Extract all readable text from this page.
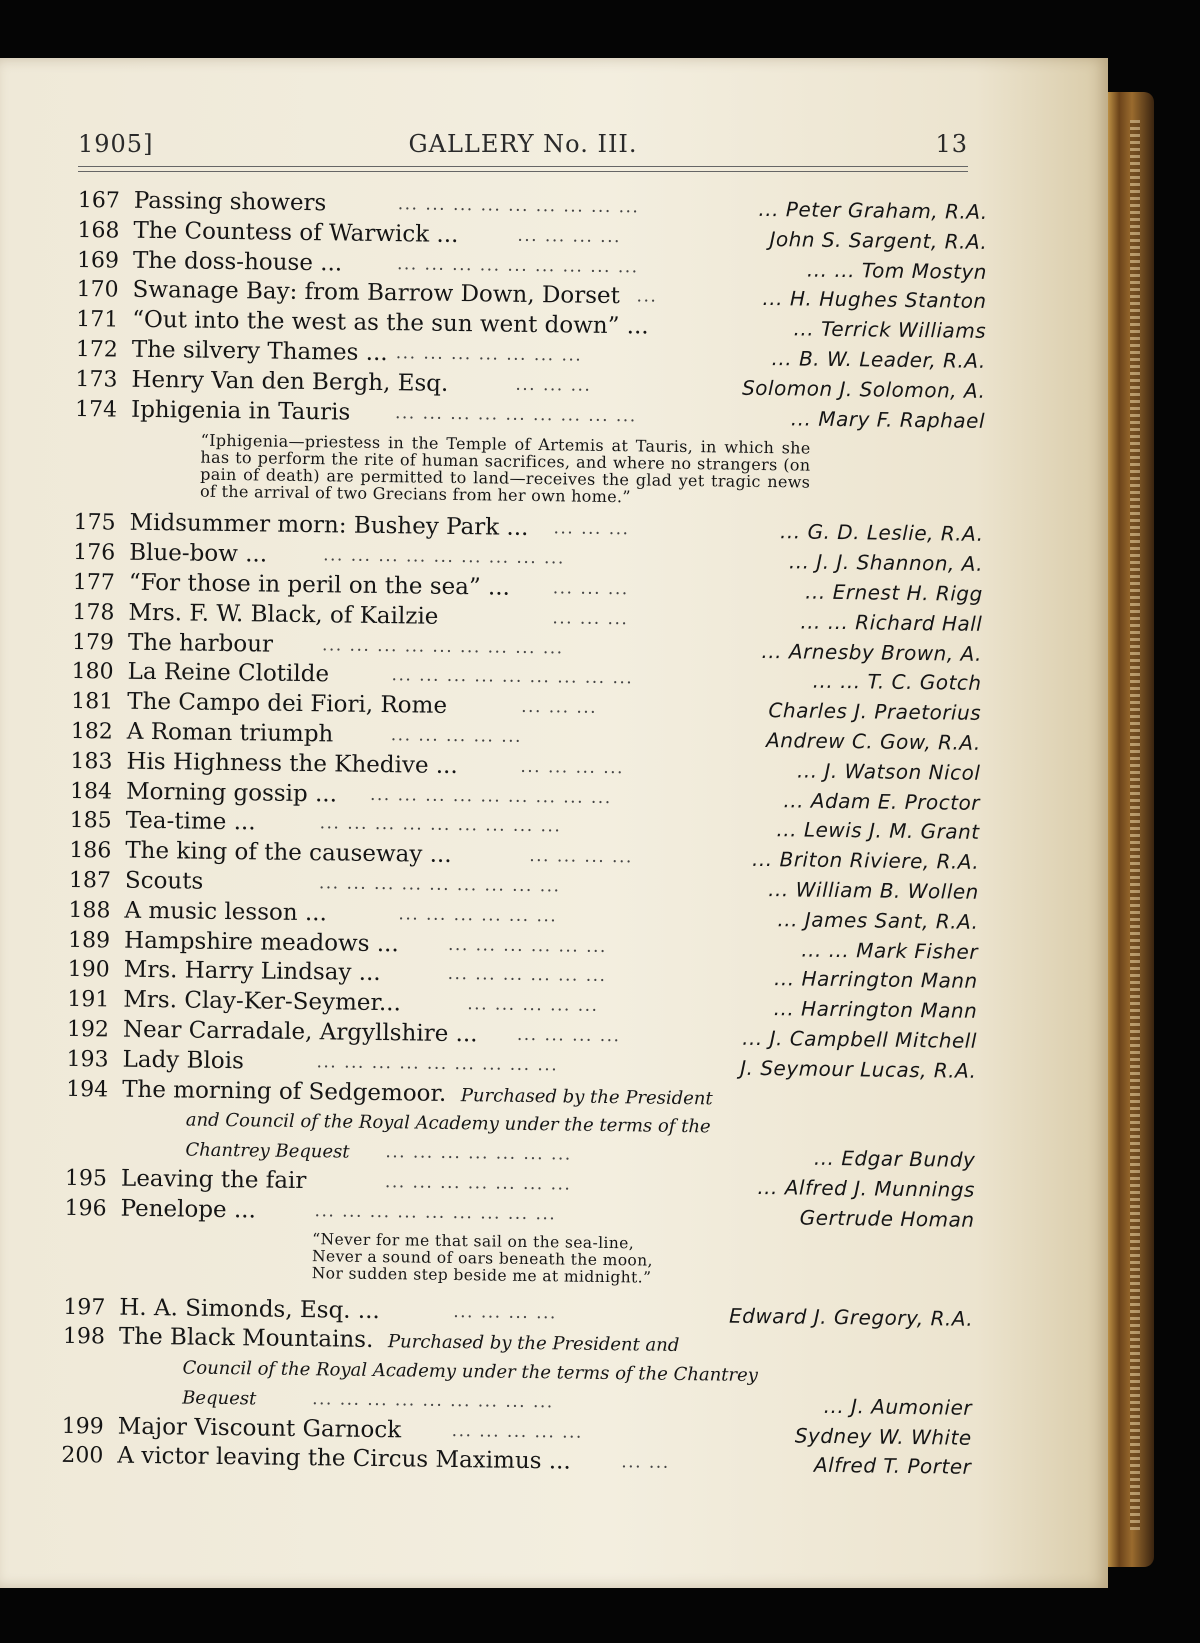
1905]	GALLERY No. III.	13
167 Passing showers	... ... ... ... ... ... ... ... ...	... Peter Graham, R.A.
168 The Countess of Warwick ...	... ... ... ...	John S. Sargent, R.A.
169 The doss-house ...	... ... ... ... ... ... ... ... ...	... ... Tom Mostyn
170 Swanage Bay: from Barrow Down, Dorset ...	... H. Hughes Stanton
171 “Out into the west as the sun went down” ...	... Terrick Williams
172 The silvery Thames ... ... ... ... ... ... ... ...	... B. W. Leader, R.A.
173 Henry Van den Bergh, Esq.	... ... ...	Solomon J. Solomon, A.
174 Iphigenia in Tauris	... ... ... ... ... ... ... ... ...	... Mary F. Raphael
“Iphigenia—priestess in the Temple of Artemis at Tauris, in which she has to perform the rite of human sacrifices, and where no strangers (on pain of death) are permitted to land—receives the glad yet tragic news of the arrival of two Grecians from her own home.”
175 Midsummer morn: Bushey Park ... ... ... ...	... G. D. Leslie, R.A.
176 Blue-bow ...	... ... ... ... ... ... ... ... ...	... J. J. Shannon, A.
177 “For those in peril on the sea” ...	... ... ...	... Ernest H. Rigg
178 Mrs. F. W. Black, of Kailzie	... ... ...	... ... Richard Hall
179 The harbour	... ... ... ... ... ... ... ... ...	... Arnesby Brown, A.
180 La Reine Clotilde	... ... ... ... ... ... ... ... ...	... ... T. C. Gotch
181 The Campo dei Fiori, Rome	... ... ...	Charles J. Praetorius
182 A Roman triumph	... ... ... ... ...	Andrew C. Gow, R.A.
183 His Highness the Khedive ...	... ... ... ...	... J. Watson Nicol
184 Morning gossip ... ... ... ... ... ... ... ... ... ...	... Adam E. Proctor
185 Tea-time ...	... ... ... ... ... ... ... ... ...	... Lewis J. M. Grant
186 The king of the causeway ...	... ... ... ...	... Briton Riviere, R.A.
187 Scouts	... ... ... ... ... ... ... ... ...	... William B. Wollen
188 A music lesson ...	... ... ... ... ... ...	... James Sant, R.A.
189 Hampshire meadows ...	... ... ... ... ... ...	... ... Mark Fisher
190 Mrs. Harry Lindsay ...	... ... ... ... ... ...	... Harrington Mann
191 Mrs. Clay-Ker-Seymer...	... ... ... ... ...	... Harrington Mann
192 Near Carradale, Argyllshire ... ... ... ... ...	... J. Campbell Mitchell
193 Lady Blois	... ... ... ... ... ... ... ... ...	J. Seymour Lucas, R.A.
194 The morning of Sedgemoor. Purchased by the President
and Council of the Royal Academy under the terms of the
Chantrey Bequest ... ... ... ... ... ... ...	... Edgar Bundy
195 Leaving the fair	... ... ... ... ... ... ...	... Alfred J. Munnings
196 Penelope ...	... ... ... ... ... ... ... ... ...	Gertrude Homan
“Never for me that sail on the sea-line,
Never a sound of oars beneath the moon,
Nor sudden step beside me at midnight.”
197 H. A. Simonds, Esq. ...	... ... ... ...	Edward J. Gregory, R.A.
198 The Black Mountains. Purchased by the President and
Council of the Royal Academy under the terms of the Chantrey
Bequest	... ... ... ... ... ... ... ... ...	... J. Aumonier
199 Major Viscount Garnock	... ... ... ... ...	Sydney W. White
200 A victor leaving the Circus Maximus ...	... ...	Alfred T. Porter
